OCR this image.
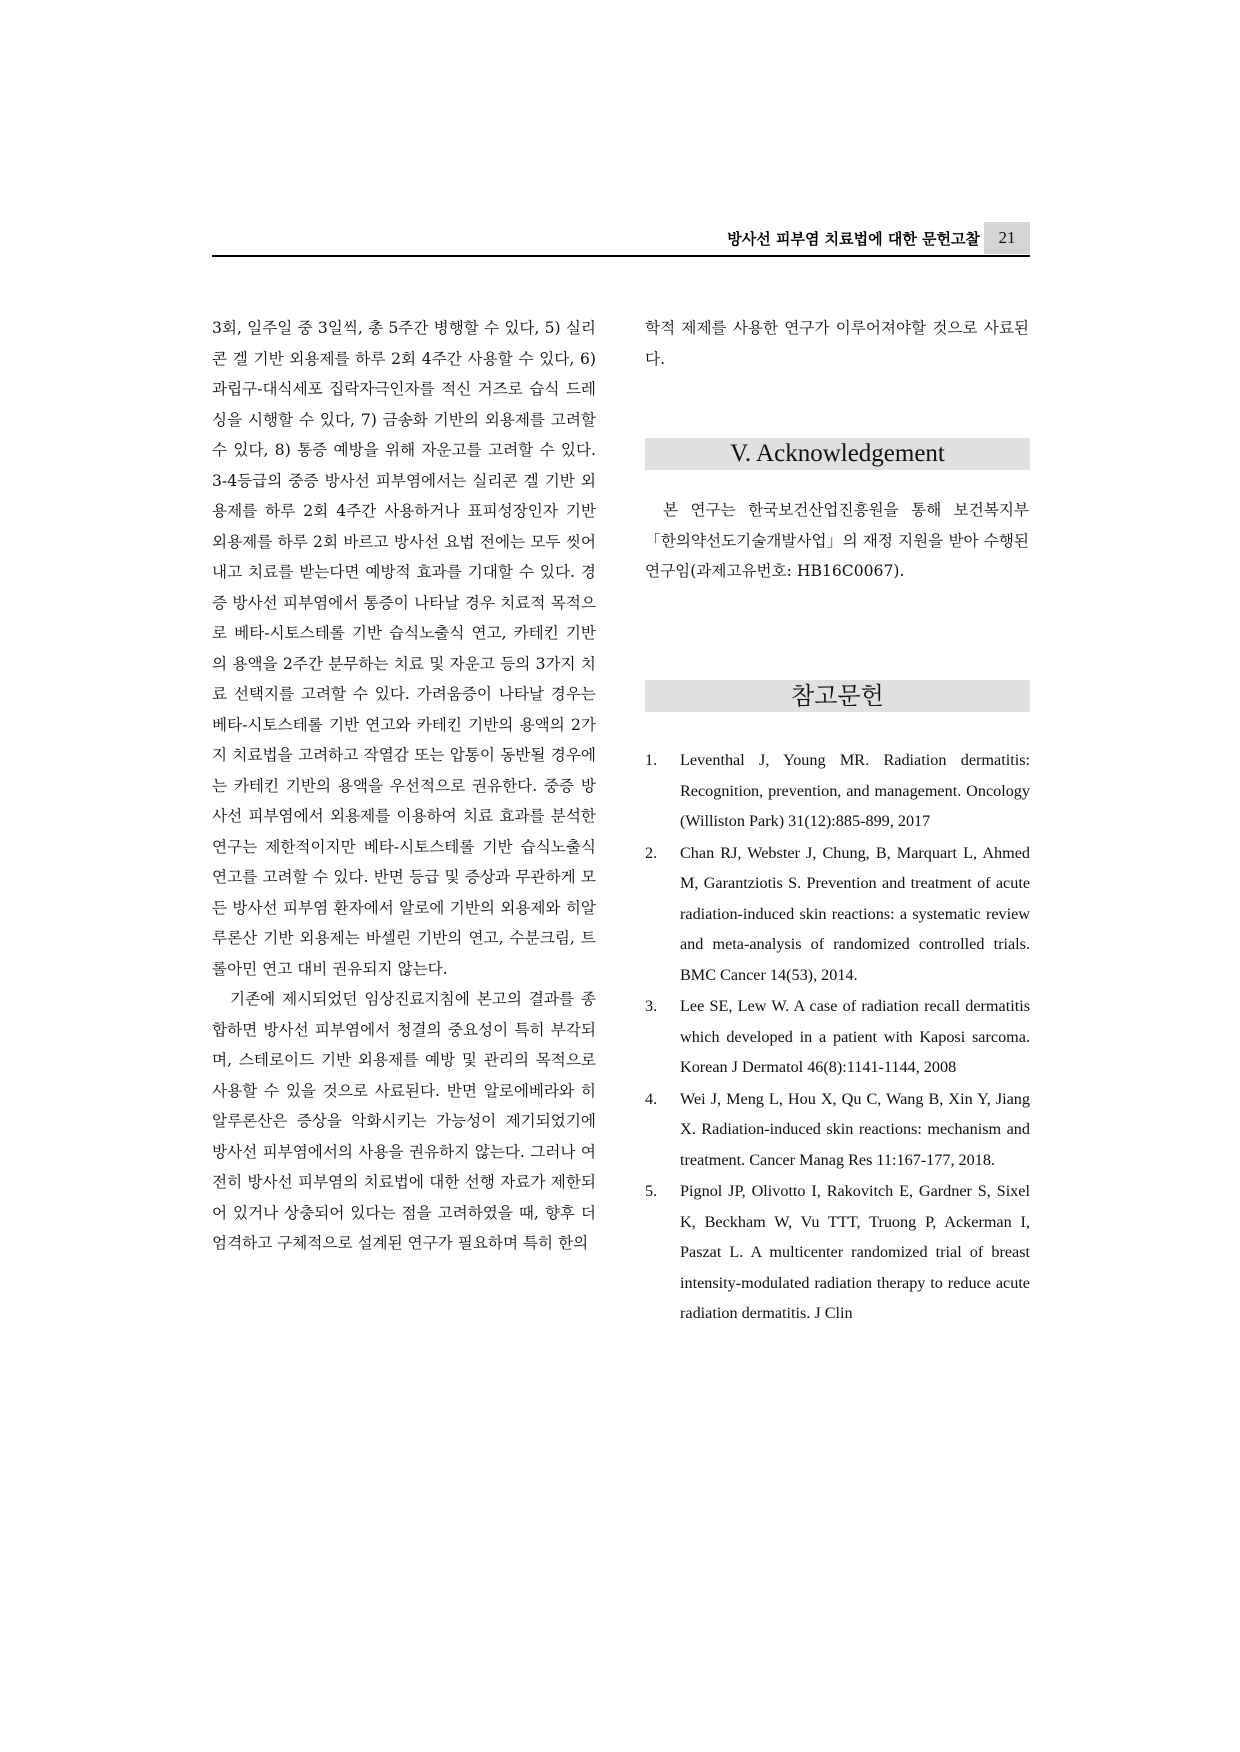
방사선 피부염 치료법에 대한 문헌고찰	21

3회, 일주일 중 3일씩, 총 5주간 병행할 수 있다, 5) 실리콘 겔 기반 외용제를 하루 2회 4주간 사용할 수 있다, 6) 과립구-대식세포 집락자극인자를 적신 거즈로 습식 드레싱을 시행할 수 있다, 7) 금송화 기반의 외용제를 고려할 수 있다, 8) 통증 예방을 위해 자운고를 고려할 수 있다. 3-4등급의 중증 방사선 피부염에서는 실리콘 겔 기반 외용제를 하루 2회 4주간 사용하거나 표피성장인자 기반 외용제를 하루 2회 바르고 방사선 요법 전에는 모두 씻어내고 치료를 받는다면 예방적 효과를 기대할 수 있다. 경증 방사선 피부염에서 통증이 나타날 경우 치료적 목적으로 베타-시토스테롤 기반 습식노출식 연고, 카테킨 기반의 용액을 2주간 분무하는 치료 및 자운고 등의 3가지 치료 선택지를 고려할 수 있다. 가려움증이 나타날 경우는 베타-시토스테롤 기반 연고와 카테킨 기반의 용액의 2가지 치료법을 고려하고 작열감 또는 압통이 동반될 경우에는 카테킨 기반의 용액을 우선적으로 권유한다. 중증 방사선 피부염에서 외용제를 이용하여 치료 효과를 분석한 연구는 제한적이지만 베타-시토스테롤 기반 습식노출식 연고를 고려할 수 있다. 반면 등급 및 증상과 무관하게 모든 방사선 피부염 환자에서 알로에 기반의 외용제와 히알루론산 기반 외용제는 바셀린 기반의 연고, 수분크림, 트롤아민 연고 대비 권유되지 않는다.

기존에 제시되었던 임상진료지침에 본고의 결과를 종합하면 방사선 피부염에서 청결의 중요성이 특히 부각되며, 스테로이드 기반 외용제를 예방 및 관리의 목적으로 사용할 수 있을 것으로 사료된다. 반면 알로에베라와 히알루론산은 증상을 악화시키는 가능성이 제기되었기에 방사선 피부염에서의 사용을 권유하지 않는다. 그러나 여전히 방사선 피부염의 치료법에 대한 선행 자료가 제한되어 있거나 상충되어 있다는 점을 고려하였을 때, 향후 더 엄격하고 구체적으로 설계된 연구가 필요하며 특히 한의

학적 제제를 사용한 연구가 이루어져야할 것으로 사료된다.

V. Acknowledgement

본 연구는 한국보건산업진흥원을 통해 보건복지부 「한의약선도기술개발사업」의 재정 지원을 받아 수행된 연구임(과제고유번호: HB16C0067).

참고문헌
1.	Leventhal J, Young MR. Radiation dermatitis: Recognition, prevention, and management. Oncology (Williston Park) 31(12):885-899, 2017
2.	Chan RJ, Webster J, Chung, B, Marquart L, Ahmed M, Garantziotis S. Prevention and treatment of acute radiation-induced skin reactions: a systematic review and meta-analysis of randomized controlled trials. BMC Cancer 14(53), 2014.
3.	Lee SE, Lew W. A case of radiation recall dermatitis which developed in a patient with Kaposi sarcoma. Korean J Dermatol 46(8):1141-1144, 2008
4.	Wei J, Meng L, Hou X, Qu C, Wang B, Xin Y, Jiang X. Radiation-induced skin reactions: mechanism and treatment. Cancer Manag Res 11:167-177, 2018.
5.	Pignol JP, Olivotto I, Rakovitch E, Gardner S, Sixel K, Beckham W, Vu TTT, Truong P, Ackerman I, Paszat L. A multicenter randomized trial of breast intensity-modulated radiation therapy to reduce acute radiation dermatitis. J Clin
